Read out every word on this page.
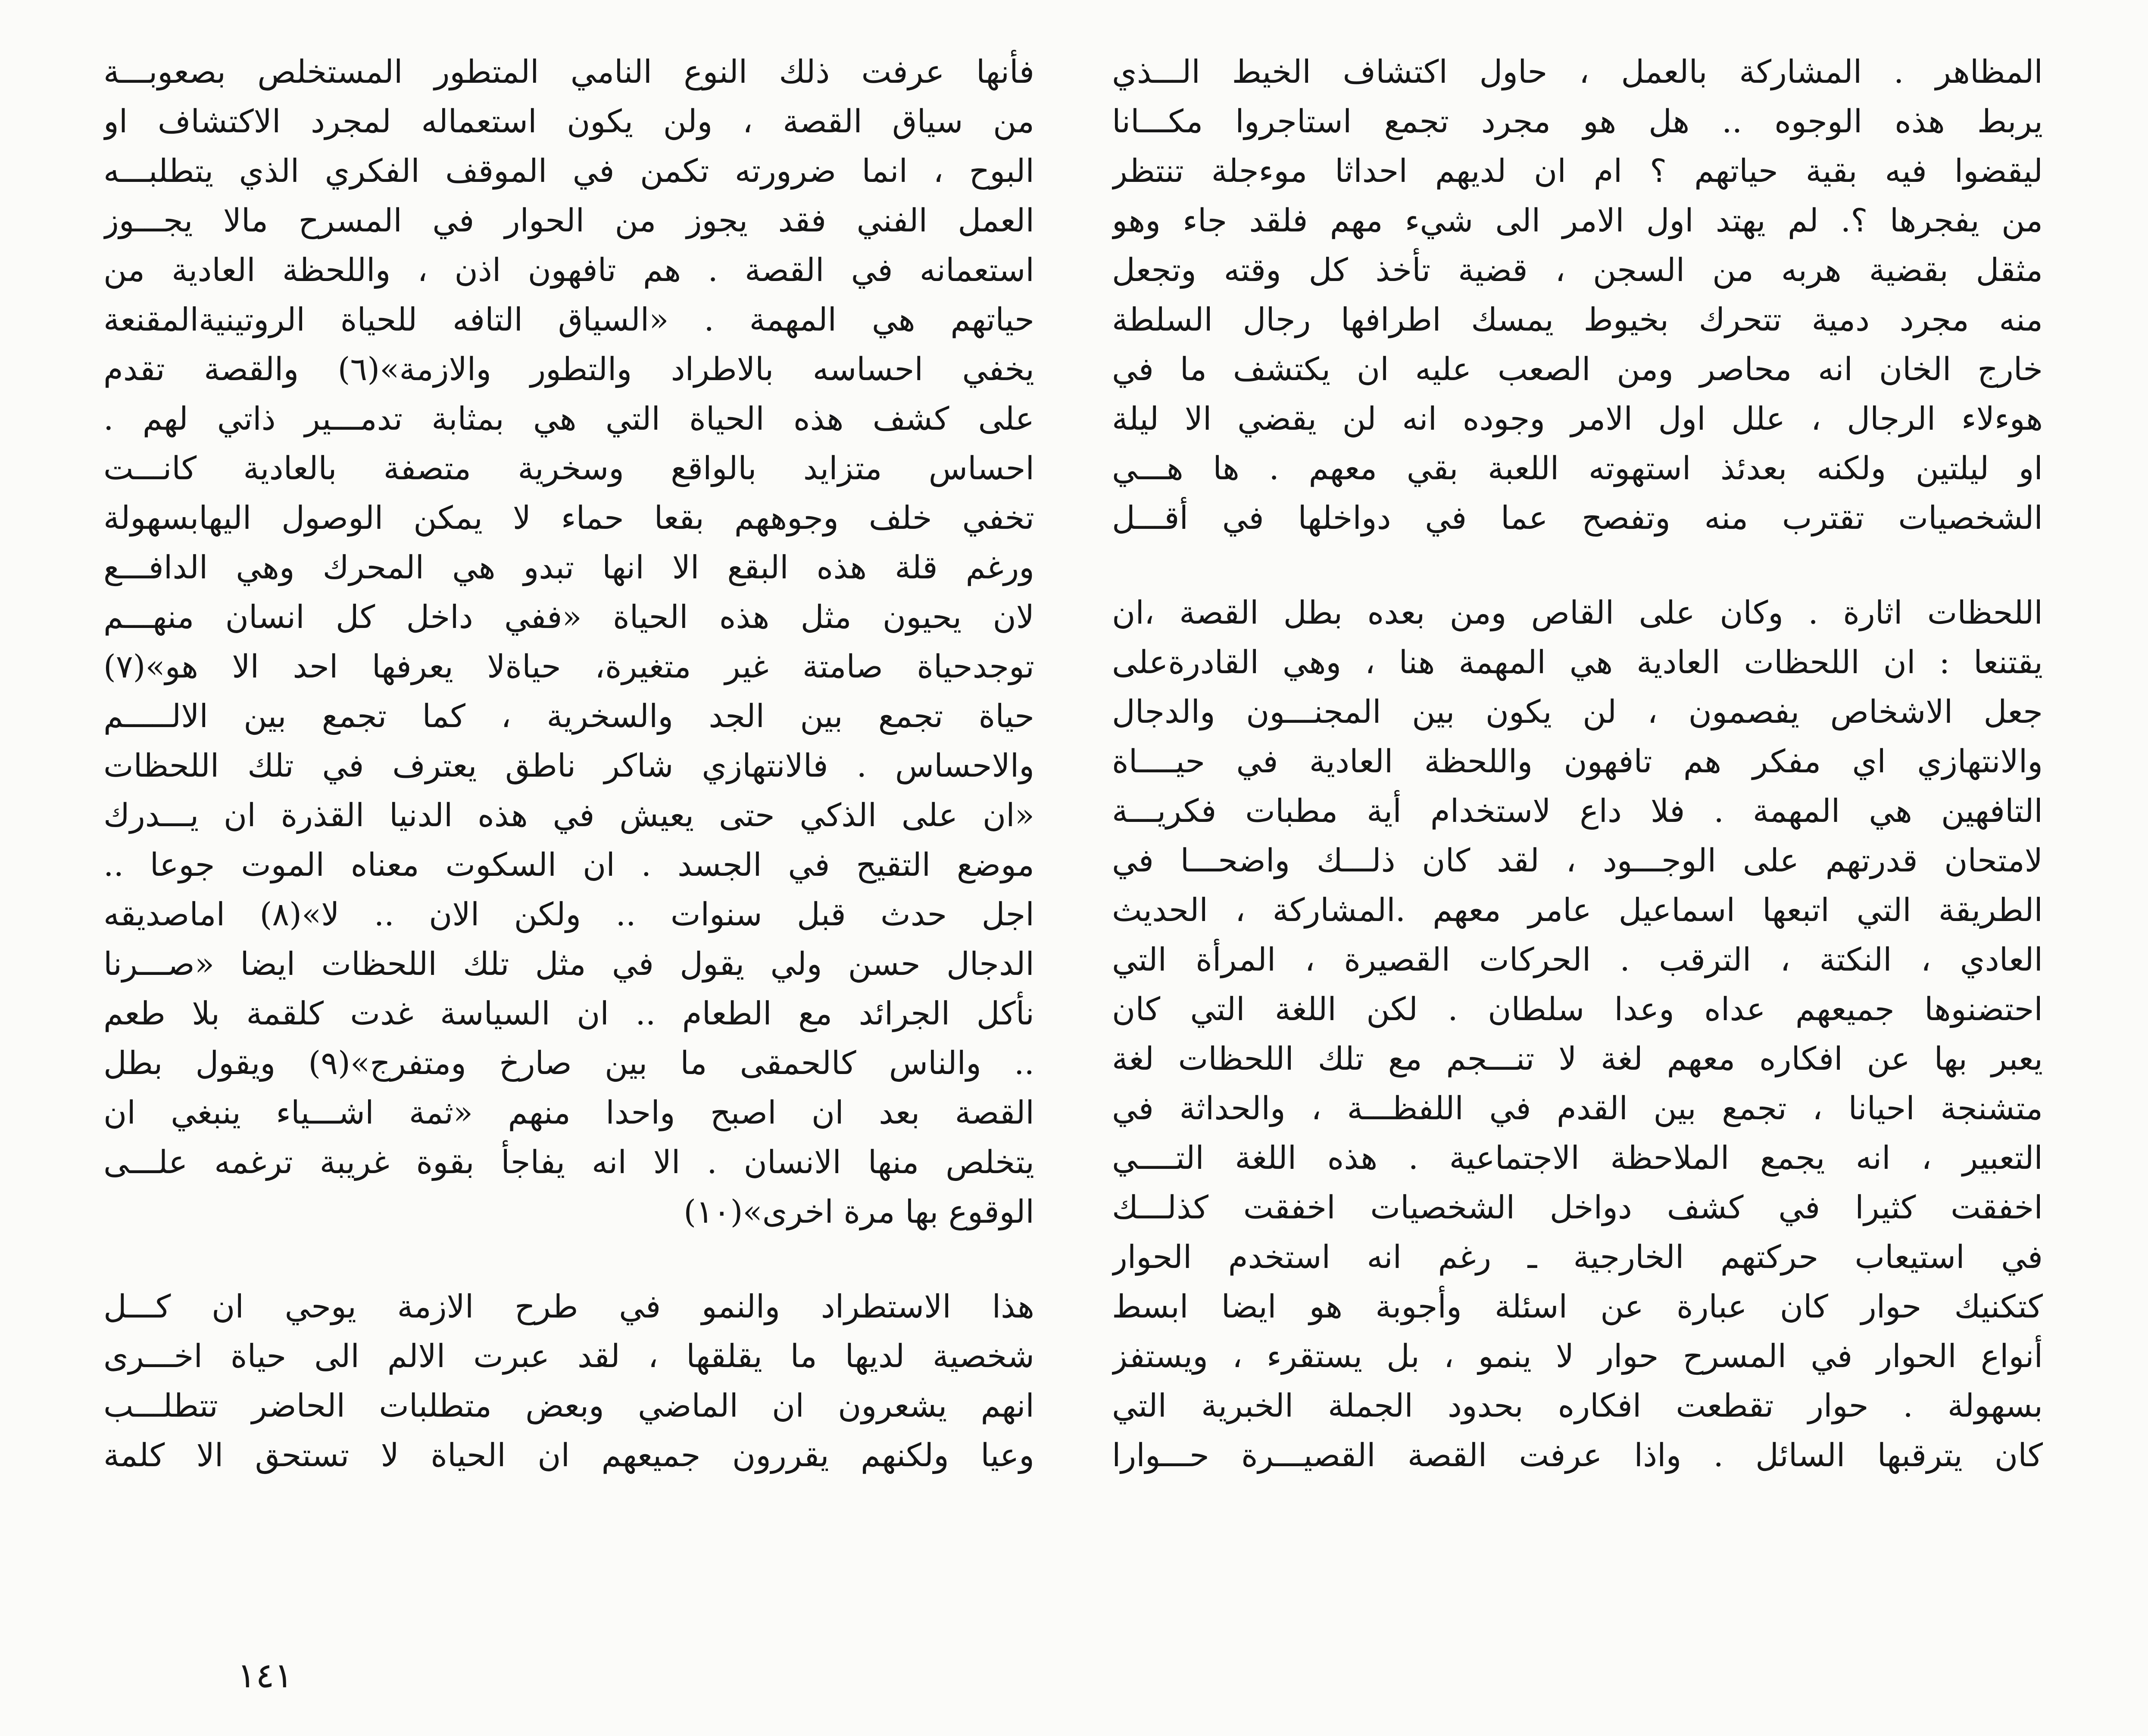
المظاهر . المشاركة بالعمل ، حاول اكتشاف الخيط الـــذي
يربط هذه الوجوه .. هل هو مجرد تجمع استاجروا مكـــانا
ليقضوا فيه بقية حياتهم ؟ ام ان لديهم احداثا موءجلة تنتظر
من يفجرها ؟. لم يهتد اول الامر الى شيء مهم فلقد جاء وهو
مثقل بقضية هربه من السجن ، قضية تأخذ كل وقته وتجعل
منه مجرد دمية تتحرك بخيوط يمسك اطرافها رجال السلطة
خارج الخان انه محاصر ومن الصعب عليه ان يكتشف ما في
هوءلاء الرجال ، علل اول الامر وجوده انه لن يقضي الا ليلة
او ليلتين ولكنه بعدئذ استهوته اللعبة بقي معهم . ها هـــي
الشخصيات تقترب منه وتفصح عما في دواخلها في أقـــل
اللحظات اثارة . وكان على القاص ومن بعده بطل القصة ،ان
يقتنعا : ان اللحظات العادية هي المهمة هنا ، وهي القادرةعلى
جعل الاشخاص يفصمون ، لن يكون بين المجنـــون والدجال
والانتهازي اي مفكر هم تافهون واللحظة العادية في حيــــاة
التافهين هي المهمة . فلا داع لاستخدام أية مطبات فكريـــة
لامتحان قدرتهم على الوجـــود ، لقد كان ذلـــك واضحـــا في
الطريقة التي اتبعها اسماعيل عامر معهم .المشاركة ، الحديث
العادي ، النكتة ، الترقب . الحركات القصيرة ، المرأة التي
احتضنوها جميعهم عداه وعدا سلطان . لكن اللغة التي كان
يعبر بها عن افكاره معهم لغة لا تنـــجم مع تلك اللحظات لغة
متشنجة احيانا ، تجمع بين القدم في اللفظـــة ، والحداثة في
التعبير ، انه يجمع الملاحظة الاجتماعية . هذه اللغة التــــي
اخفقت كثيرا في كشف دواخل الشخصيات اخفقت كذلـــك
في استيعاب حركتهم الخارجية ـ رغم انه استخدم الحوار
كتكنيك حوار كان عبارة عن اسئلة وأجوبة هو ايضا ابسط
أنواع الحوار في المسرح حوار لا ينمو ، بل يستقرء ، ويستفز
بسهولة . حوار تقطعت افكاره بحدود الجملة الخبرية التي
كان يترقبها السائل . واذا عرفت القصة القصيـــرة حـــوارا
فأنها عرفت ذلك النوع النامي المتطور المستخلص بصعوبـــة
من سياق القصة ، ولن يكون استعماله لمجرد الاكتشاف او
البوح ، انما ضرورته تكمن في الموقف الفكري الذي يتطلبـــه
العمل الفني فقد يجوز من الحوار في المسرح مالا يجـــوز
استعمانه في القصة . هم تافهون اذن ، واللحظة العادية من
حياتهم هي المهمة . «السياق التافه للحياة الروتينيةالمقنعة
يخفي احساسه بالاطراد والتطور والازمة»(٦) والقصة تقدم
على كشف هذه الحياة التي هي بمثابة تدمـــير ذاتي لهم .
احساس متزايد بالواقع وسخرية متصفة بالعادية كانـــت
تخفي خلف وجوههم بقعا حماء لا يمكن الوصول اليهابسهولة
ورغم قلة هذه البقع الا انها تبدو هي المحرك وهي الدافـــع
لان يحيون مثل هذه الحياة «ففي داخل كل انسان منهـــم
توجدحياة صامتة غير متغيرة، حياةلا يعرفها احد الا هو»(٧)
حياة تجمع بين الجد والسخرية ، كما تجمع بين الالـــــم
والاحساس . فالانتهازي شاكر ناطق يعترف في تلك اللحظات
«ان على الذكي حتى يعيش في هذه الدنيا القذرة ان يـــدرك
موضع التقيح في الجسد . ان السكوت معناه الموت جوعا ..
اجل حدث قبل سنوات .. ولكن الان .. لا»(٨) اماصديقه
الدجال حسن ولي يقول في مثل تلك اللحظات ايضا «صـــرنا
نأكل الجرائد مع الطعام .. ان السياسة غدت كلقمة بلا طعم
.. والناس كالحمقى ما بين صارخ ومتفرج»(٩) ويقول بطل
القصة بعد ان اصبح واحدا منهم «ثمة اشـــياء ينبغي ان
يتخلص منها الانسان . الا انه يفاجأ بقوة غريبة ترغمه علـــى
الوقوع بها مرة اخرى»(١٠)
هذا الاستطراد والنمو في طرح الازمة يوحي ان كـــل
شخصية لديها ما يقلقها ، لقد عبرت الالم الى حياة اخـــرى
انهم يشعرون ان الماضي وبعض متطلبات الحاضر تتطلـــب
وعيا ولكنهم يقررون جميعهم ان الحياة لا تستحق الا كلمة
١٤١
